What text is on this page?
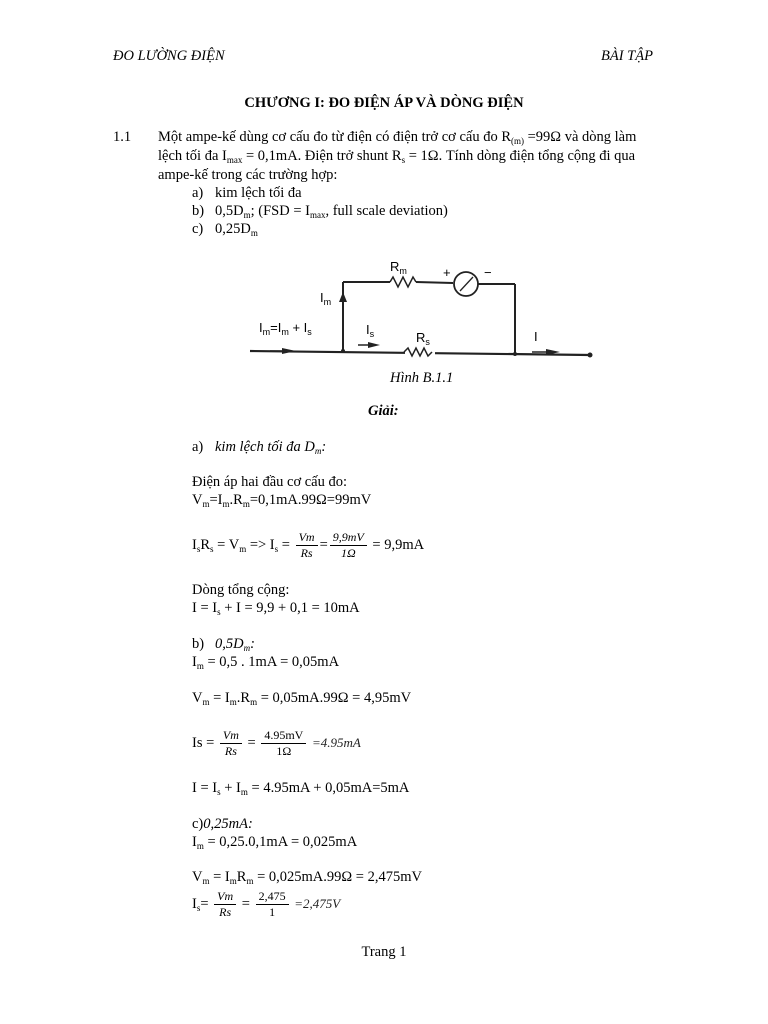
ĐO LƯỜNG ĐIỆN	BÀI TẬP
CHƯƠNG I: ĐO ĐIỆN ÁP VÀ DÒNG ĐIỆN
1.1 Một ampe-kế dùng cơ cấu đo từ điện có điện trở cơ cấu đo $R_{(m)} =99\Omega$ và dòng làm
lệch tối đa $I_{max} = 0,1mA$. Điện trở shunt $R_s = 1\Omega$. Tính dòng điện tổng cộng đi qua
ampe-kế trong các trường hợp:
a) kim lệch tối đa
b) $0,5D_m$; ($FSD = I_{max}$, full scale deviation)
c) $0,25D_m$
$R_m$	+	−
$I_m$
$I_m=I_m + I_s$	$I_s$	$R_s$	I
Hình B.1.1
Giải:
a) kim lệch tối đa $D_m$:
Điện áp hai đầu cơ cấu đo:
$V_m=I_m.R_m=0,1mA.99\Omega=99mV$
$I_sR_s = V_m => I_s = \frac{Vm}{Rs} = \frac{9,9mV}{1\Omega} = 9,9mA$
Dòng tổng cộng:
$I = I_s + I = 9,9 + 0,1 = 10mA$
b) $0,5D_m$:
$I_m = 0,5$ . 1mA = 0,05mA
$V_m = I_m.R_m = 0,05mA.99\Omega = 4,95mV$
$Is = \frac{Vm}{Rs} = \frac{4.95mV}{1\Omega} =4.95mA$
$I = I_s + I_m = 4.95mA + 0,05mA=5mA$
c)0,25mA:
$I_m = 0,25.0,1mA = 0,025mA$
$V_m = I_mR_m = 0,025mA.99\Omega = 2,475mV$
$I_s= \frac{Vm}{Rs} = \frac{2,475}{1} =2,475V$
Trang 1
